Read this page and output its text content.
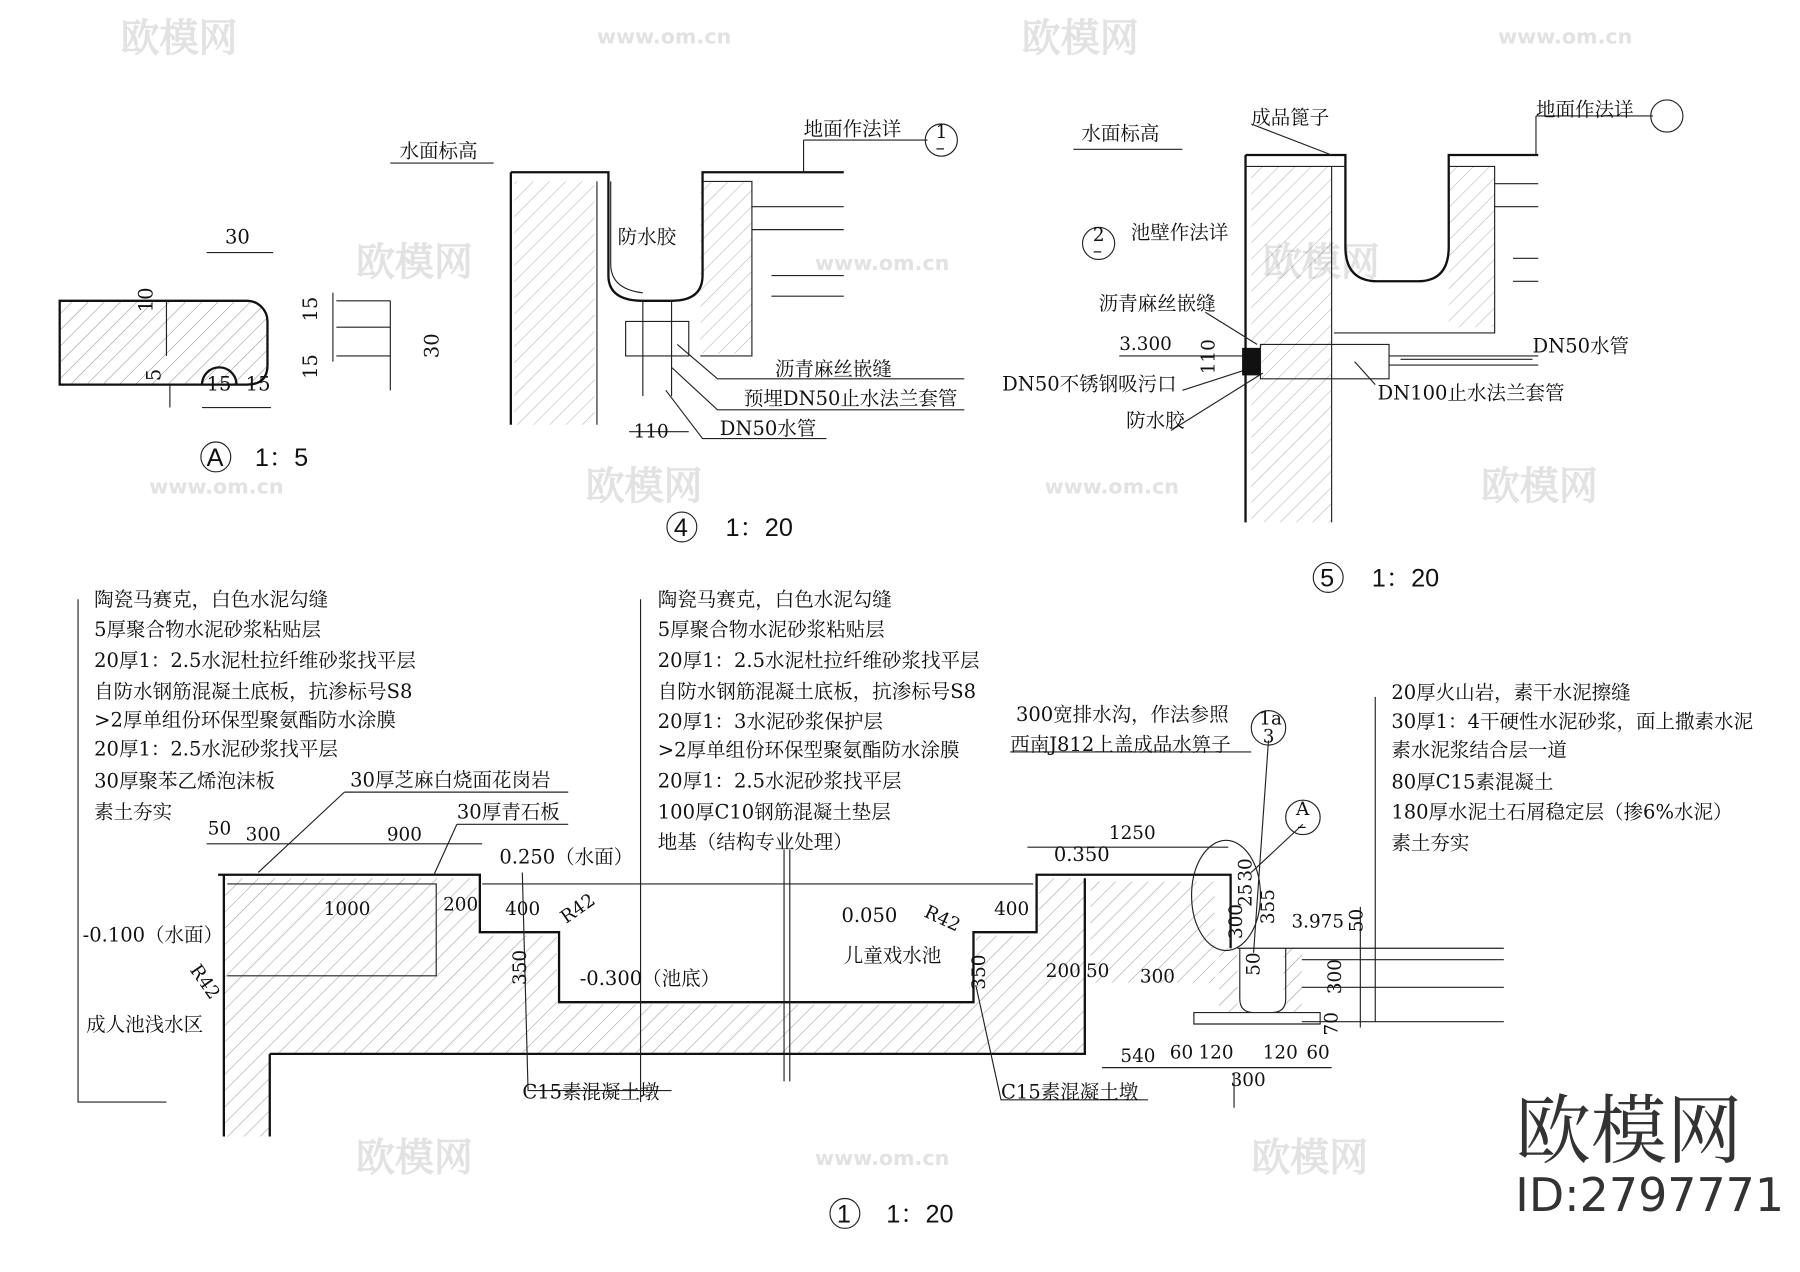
欧模网	www.om.cn	欧模网	www.om.cn
欧模网	www.om.cn	欧模网
欧模网
www.om.cn	www.om.cn	欧模网
欧模网	www.om.cn	欧模网 欧模网
ID:2797771
30
10
5 15 15
15
15
30
A 1：5
水面标高
地面作法详 1
–
防水胶
沥青麻丝嵌缝
预埋DN50止水法兰套管
DN50水管
110
4 1：20
水面标高
成品篦子	地面作法详
2
–
池壁作法详
沥青麻丝嵌缝
3.300 110
DN50不锈钢吸污口
防水胶
DN50水管
DN100止水法兰套管
5 1：20
陶瓷马赛克，白色水泥勾缝
5厚聚合物水泥砂浆粘贴层
20厚1：2.5水泥杜拉纤维砂浆找平层
自防水钢筋混凝土底板，抗渗标号S8
>2厚单组份环保型聚氨酯防水涂膜
20厚1：2.5水泥砂浆找平层
30厚聚苯乙烯泡沫板
素土夯实
陶瓷马赛克，白色水泥勾缝
5厚聚合物水泥砂浆粘贴层
20厚1：2.5水泥杜拉纤维砂浆找平层
自防水钢筋混凝土底板，抗渗标号S8
20厚1：3水泥砂浆保护层
>2厚单组份环保型聚氨酯防水涂膜
20厚1：2.5水泥砂浆找平层
100厚C10钢筋混凝土垫层
地基（结构专业处理）
20厚火山岩，素干水泥擦缝
30厚1：4干硬性水泥砂浆，面上撒素水泥
素水泥浆结合层一道
80厚C15素混凝土
180厚水泥土石屑稳定层（掺6%水泥）
素土夯实
300宽排水沟，作法参照
西南J812上盖成品水箅子
1a
3
A
–
30厚芝麻白烧面花岗岩
30厚青石板
成人池浅水区
儿童戏水池
C15素混凝土墩	C15素混凝土墩
0.250（水面）
-0.100（水面）
-0.300（池底）
0.050
0.350
3.975
50 300	900	1250
1000	200 400 R42
R42
R42
350
400
350	200 50 300
30
25
300 355
50
50
300
70
540 60 120 120 60
300
1 1：20
